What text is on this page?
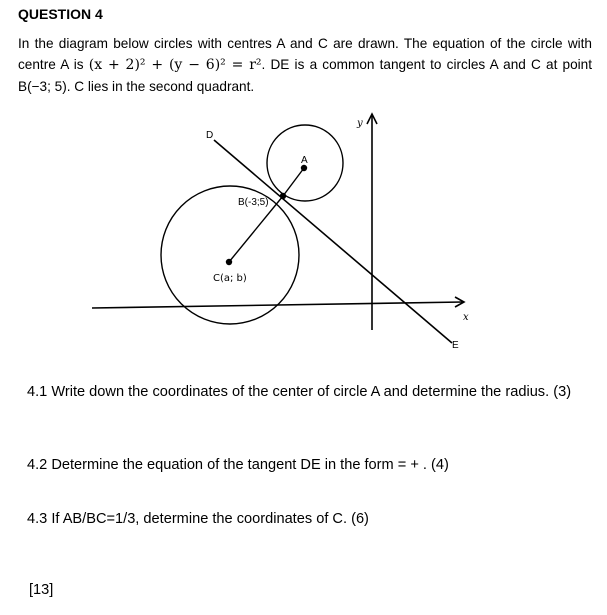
QUESTION 4
In the diagram below circles with centres A and C are drawn. The equation of the circle with centre A is (x + 2)² + (y − 6)² = r². DE is a common tangent to circles A and C at point B(−3; 5). C lies in the second quadrant.
A
B(-3;5)
C(a; b)
D
E
x
y
4.1 Write down the coordinates of the center of circle A and determine the radius. (3)
4.2 Determine the equation of the tangent DE in the form = + . (4)
4.3 If AB/BC=1/3, determine the coordinates of C. (6)
[13]
